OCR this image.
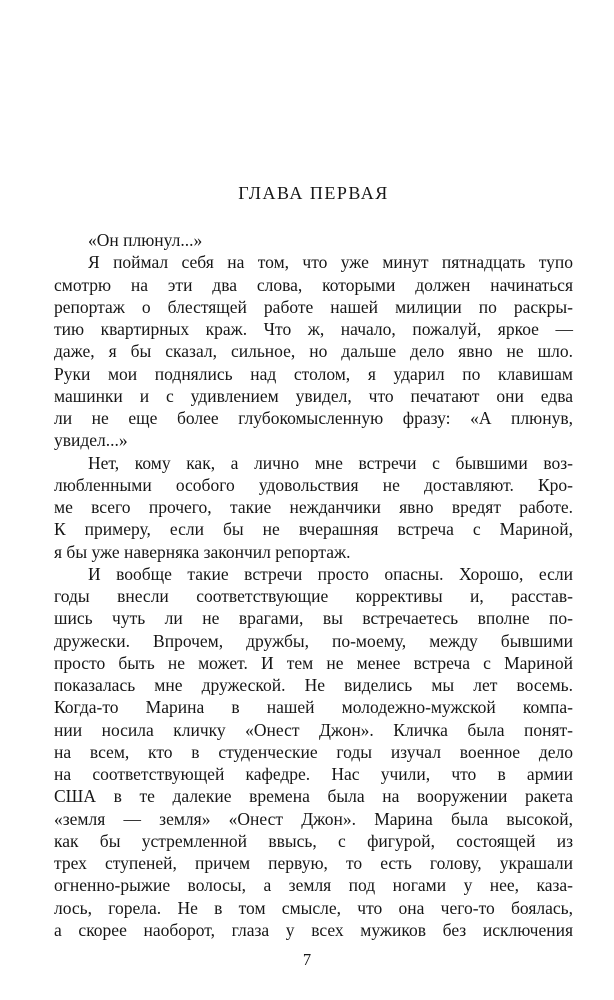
ГЛАВА ПЕРВАЯ
«Он плюнул...»
Я поймал себя на том, что уже минут пятнадцать тупо
смотрю на эти два слова, которыми должен начинаться
репортаж о блестящей работе нашей милиции по раскры-
тию квартирных краж. Что ж, начало, пожалуй, яркое —
даже, я бы сказал, сильное, но дальше дело явно не шло.
Руки мои поднялись над столом, я ударил по клавишам
машинки и с удивлением увидел, что печатают они едва
ли не еще более глубокомысленную фразу: «А плюнув,
увидел...»
Нет, кому как, а лично мне встречи с бывшими воз-
любленными особого удовольствия не доставляют. Кро-
ме всего прочего, такие нежданчики явно вредят работе.
К примеру, если бы не вчерашняя встреча с Мариной,
я бы уже наверняка закончил репортаж.
И вообще такие встречи просто опасны. Хорошо, если
годы внесли соответствующие коррективы и, расстав-
шись чуть ли не врагами, вы встречаетесь вполне по-
дружески. Впрочем, дружбы, по-моему, между бывшими
просто быть не может. И тем не менее встреча с Мариной
показалась мне дружеской. Не виделись мы лет восемь.
Когда-то Марина в нашей молодежно-мужской компа-
нии носила кличку «Онест Джон». Кличка была понят-
на всем, кто в студенческие годы изучал военное дело
на соответствующей кафедре. Нас учили, что в армии
США в те далекие времена была на вооружении ракета
«земля — земля» «Онест Джон». Марина была высокой,
как бы устремленной ввысь, с фигурой, состоящей из
трех ступеней, причем первую, то есть голову, украшали
огненно-рыжие волосы, а земля под ногами у нее, каза-
лось, горела. Не в том смысле, что она чего-то боялась,
а скорее наоборот, глаза у всех мужиков без исключения
7
